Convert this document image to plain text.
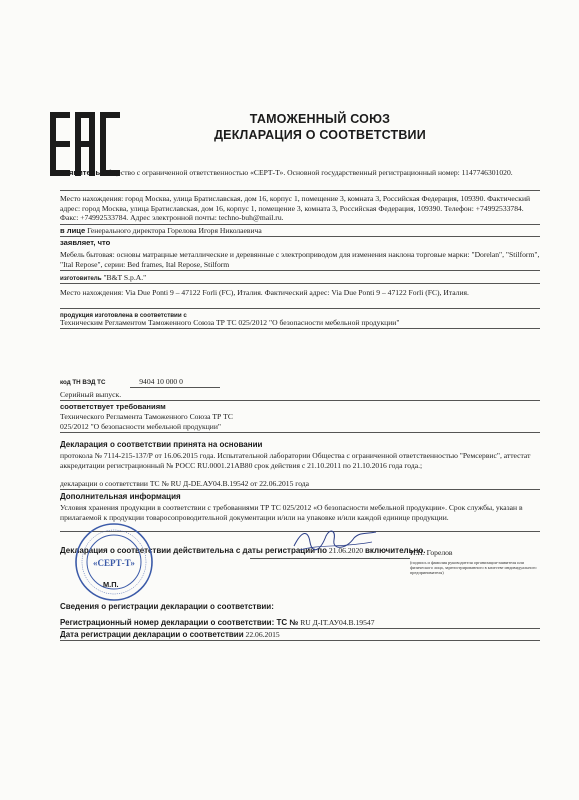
ТАМОЖЕННЫЙ СОЮЗ
ДЕКЛАРАЦИЯ О СООТВЕТСТВИИ
Заявитель Общество с ограниченной ответственностью «СЕРТ-Т». Основной государственный регистрационный номер: 1147746301020.
Место нахождения: город Москва, улица Братиславская, дом 16, корпус 1, помещение 3, комната 3, Российская Федерация, 109390. Фактический адрес: город Москва, улица Братиславская, дом 16, корпус 1, помещение 3, комната 3, Российская Федерация, 109390. Телефон: +74992533784. Факс: +74992533784. Адрес электронной почты: techno-buh@mail.ru.
в лице Генерального директора Горелова Игоря Николаевича
заявляет, что
Мебель бытовая: основы матрацные металлические и деревянные с электроприводом для изменения наклона торговые марки: "Dorelan", "Stilform", "Ital Repose", серии: Bed frames, Ital Repose, Stilform
изготовитель "B&T S.p.A."
Место нахождения: Via Due Ponti 9 – 47122 Forli (FC), Италия. Фактический адрес: Via Due Ponti 9 – 47122 Forli (FC), Италия.
продукция изготовлена в соответствии с
Техническим Регламентом Таможенного Союза ТР ТС 025/2012 "О безопасности мебельной продукции"
код ТН ВЭД ТС	9404 10 000 0
Серийный выпуск.
соответствует требованиям
Технического Регламента Таможенного Союза ТР ТС 025/2012 "О безопасности мебельной продукции"
Декларация о соответствии принята на основании
протокола № 7114-215-137/Р от 16.06.2015 года. Испытательной лаборатории Общества с ограниченной ответственностью "Ремсервис", аттестат аккредитации регистрационный № РОСС RU.0001.21АВ80 срок действия с 21.10.2011 по 21.10.2016 года года.;
декларации о соответствии ТС № RU Д-DE.АУ04.В.19542 от 22.06.2015 года
Дополнительная информация
Условия хранения продукции в соответствии с требованиями ТР ТС 025/2012 «О безопасности мебельной продукции». Срок службы, указан в прилагаемой к продукции товаросопроводительной документации и/или на упаковке и/или каждой единице продукции.
Декларация о соответствии действительна с даты регистрации по 21.06.2020 включительно.
«СЕРТ-Т»
И.Н. Горелов
(подпись и фамилия руководителя организации-заявителя или физического лица, зарегистрированного в качестве индивидуального предпринимателя)
М.П.
Сведения о регистрации декларации о соответствии:
Регистрационный номер декларации о соответствии: ТС № RU Д-IT.АУ04.В.19547
Дата регистрации декларации о соответствии 22.06.2015
